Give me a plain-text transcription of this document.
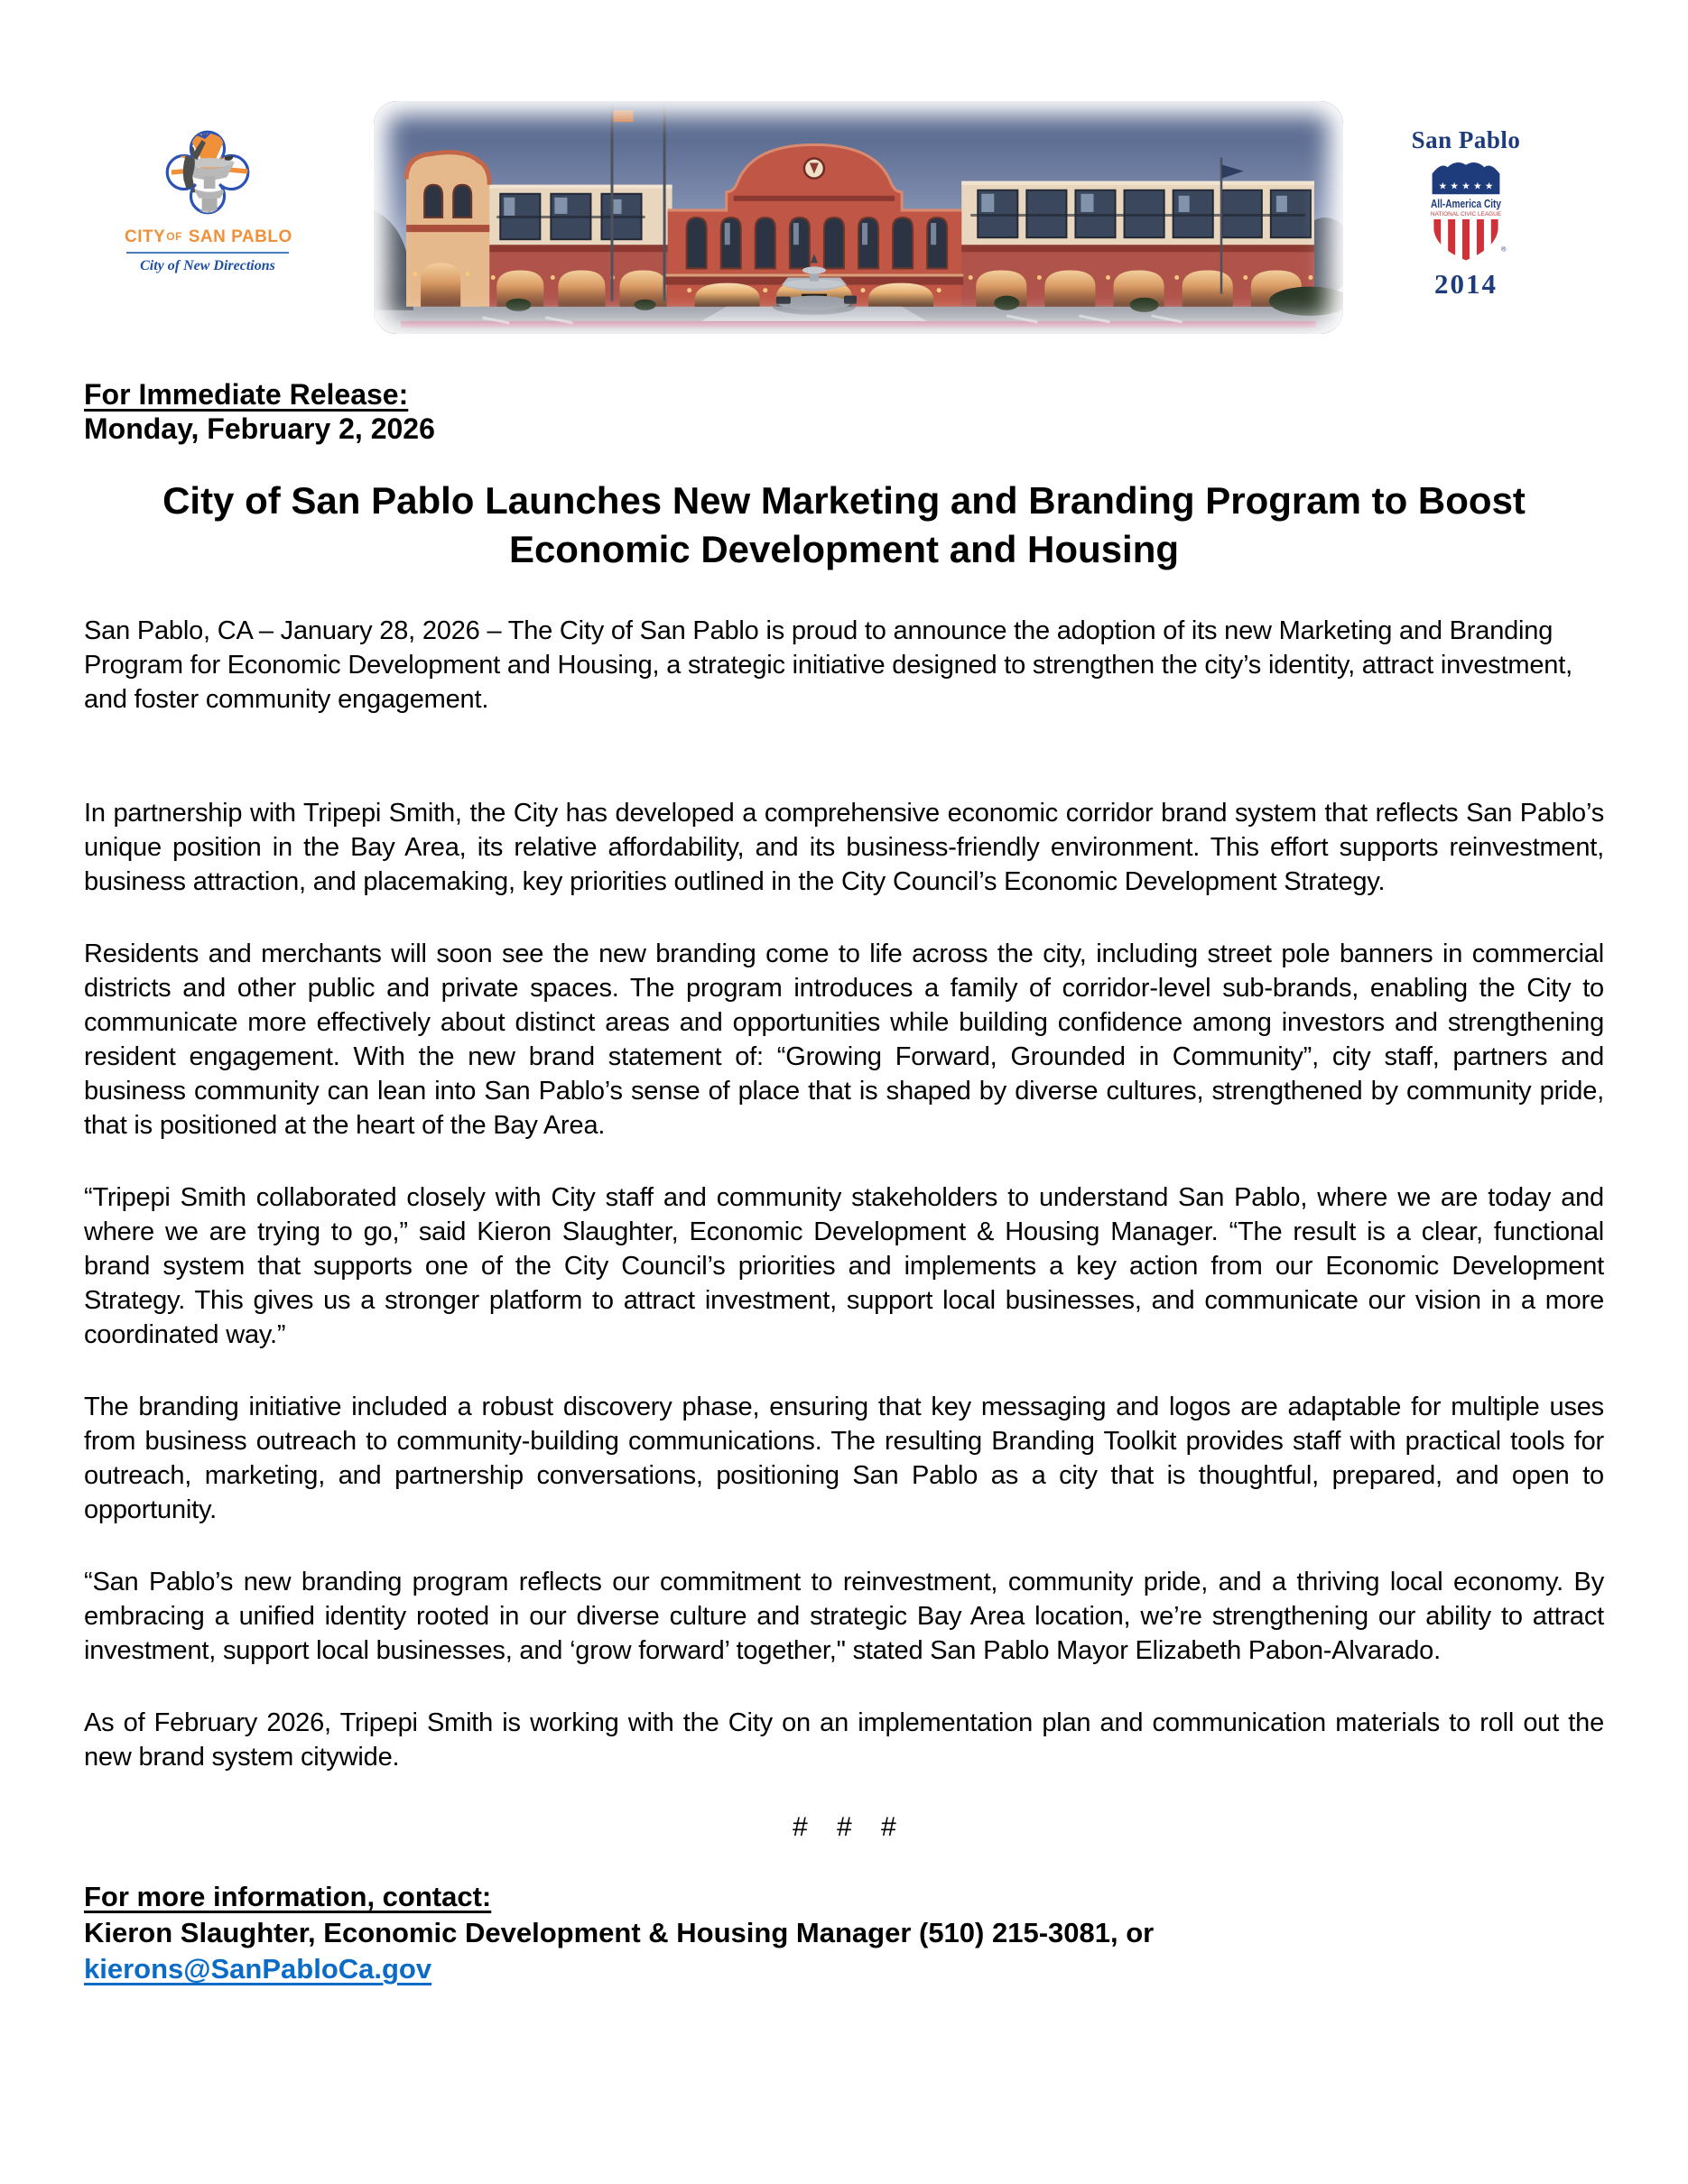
CITYOF SAN PABLO
City of New Directions
San Pablo
★ ★ ★ ★ ★
All-America City
NATIONAL CIVIC LEAGUE
®
2014
For Immediate Release:
Monday, February 2, 2026
City of San Pablo Launches New Marketing and Branding Program to Boost
Economic Development and Housing

San Pablo, CA – January 28, 2026 – The City of San Pablo is proud to announce the adoption of its new Marketing and Branding Program for Economic Development and Housing, a strategic initiative designed to strengthen the city’s identity, attract investment, and foster community engagement.

In partnership with Tripepi Smith, the City has developed a comprehensive economic corridor brand system that reflects San Pablo’s unique position in the Bay Area, its relative affordability, and its business-friendly environment. This effort supports reinvestment, business attraction, and placemaking, key priorities outlined in the City Council’s Economic Development Strategy.

Residents and merchants will soon see the new branding come to life across the city, including street pole banners in commercial districts and other public and private spaces. The program introduces a family of corridor-level sub-brands, enabling the City to communicate more effectively about distinct areas and opportunities while building confidence among investors and strengthening resident engagement. With the new brand statement of: “Growing Forward, Grounded in Community”, city staff, partners and business community can lean into San Pablo’s sense of place that is shaped by diverse cultures, strengthened by community pride, that is positioned at the heart of the Bay Area.

“Tripepi Smith collaborated closely with City staff and community stakeholders to understand San Pablo, where we are today and where we are trying to go,” said Kieron Slaughter, Economic Development & Housing Manager. “The result is a clear, functional brand system that supports one of the City Council’s priorities and implements a key action from our Economic Development Strategy. This gives us a stronger platform to attract investment, support local businesses, and communicate our vision in a more coordinated way.”

The branding initiative included a robust discovery phase, ensuring that key messaging and logos are adaptable for multiple uses from business outreach to community-building communications. The resulting Branding Toolkit provides staff with practical tools for outreach, marketing, and partnership conversations, positioning San Pablo as a city that is thoughtful, prepared, and open to opportunity.

“San Pablo’s new branding program reflects our commitment to reinvestment, community pride, and a thriving local economy. By embracing a unified identity rooted in our diverse culture and strategic Bay Area location, we’re strengthening our ability to attract investment, support local businesses, and ‘grow forward’ together," stated San Pablo Mayor Elizabeth Pabon-Alvarado.

As of February 2026, Tripepi Smith is working with the City on an implementation plan and communication materials to roll out the new brand system citywide.

# # #
For more information, contact:
Kieron Slaughter, Economic Development & Housing Manager (510) 215-3081, or
kierons@SanPabloCa.gov
